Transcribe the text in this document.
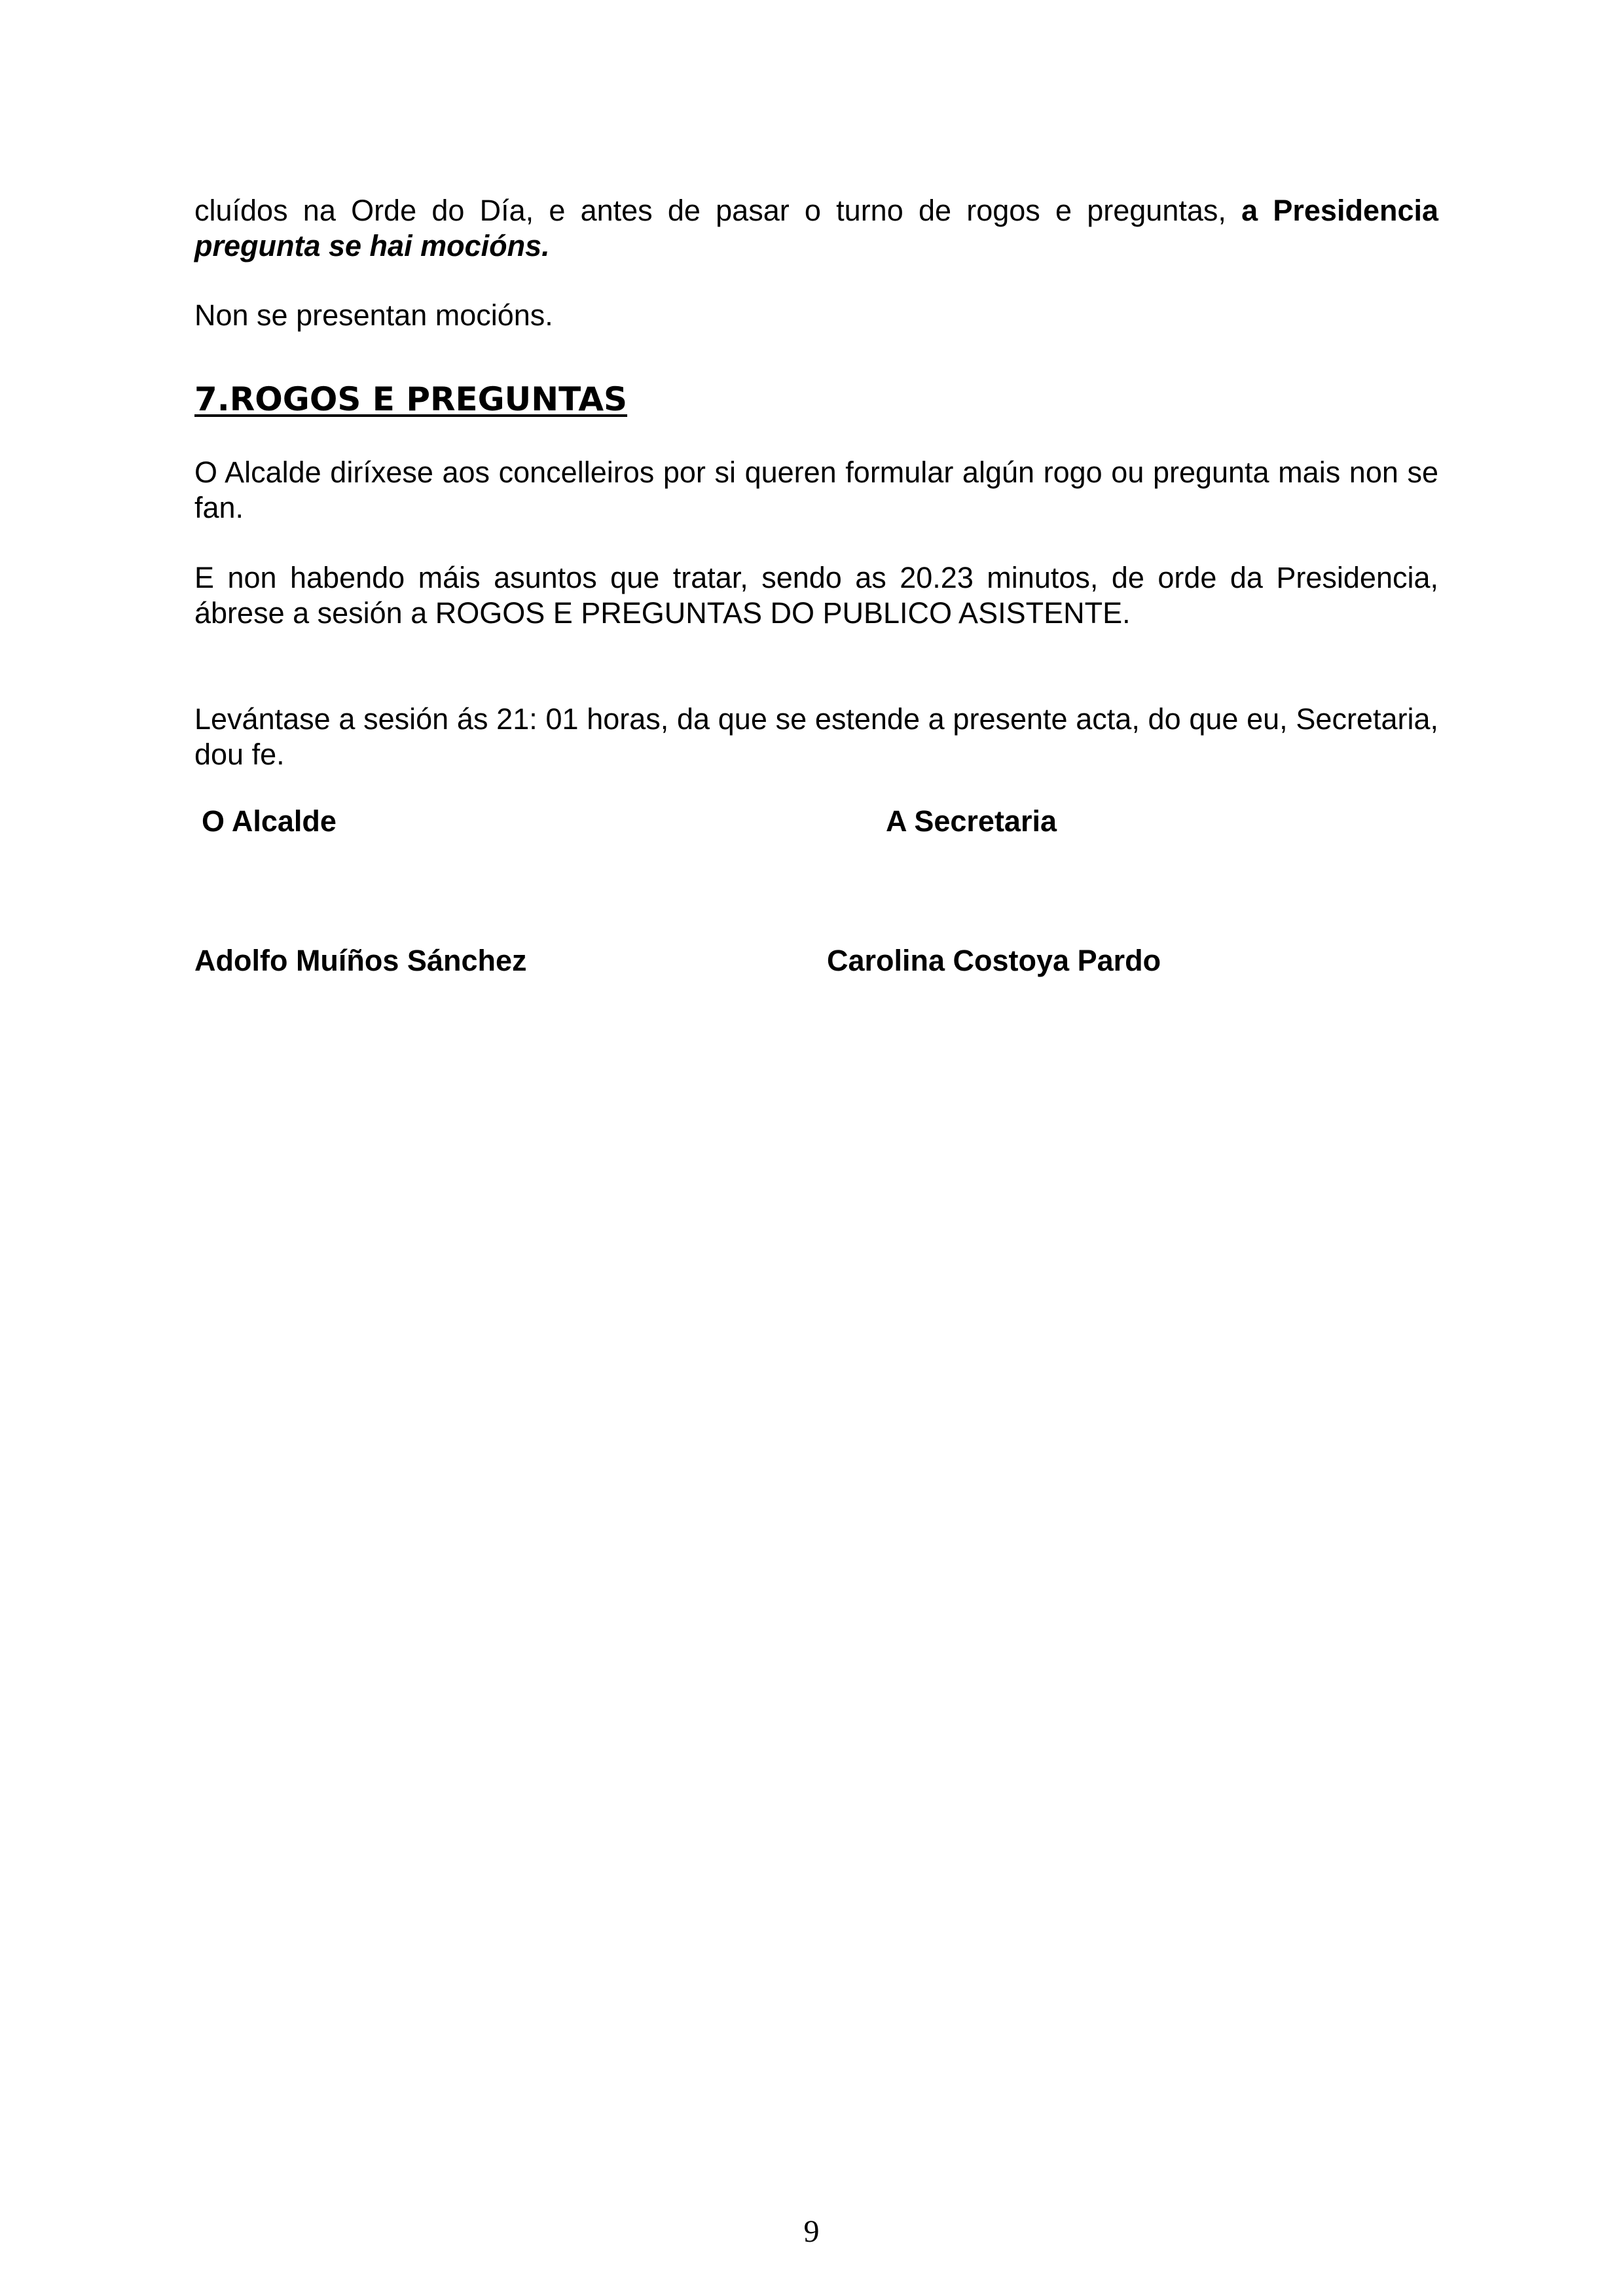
cluídos na Orde do Día, e antes de pasar o turno de rogos e preguntas, a Presidencia pregunta se hai mocións.

Non se presentan mocións.

7.ROGOS E PREGUNTAS

O Alcalde diríxese aos concelleiros por si queren formular algún rogo ou pregunta mais non se fan.

E non habendo máis asuntos que tratar, sendo as 20.23 minutos, de orde da Presidencia, ábrese a sesión a ROGOS E PREGUNTAS DO PUBLICO ASISTENTE.

Levántase a sesión ás 21: 01 horas, da que se estende a presente acta, do que eu, Secretaria, dou fe.

O Alcalde	A Secretaria
Adolfo Muíños Sánchez	Carolina Costoya Pardo
9
